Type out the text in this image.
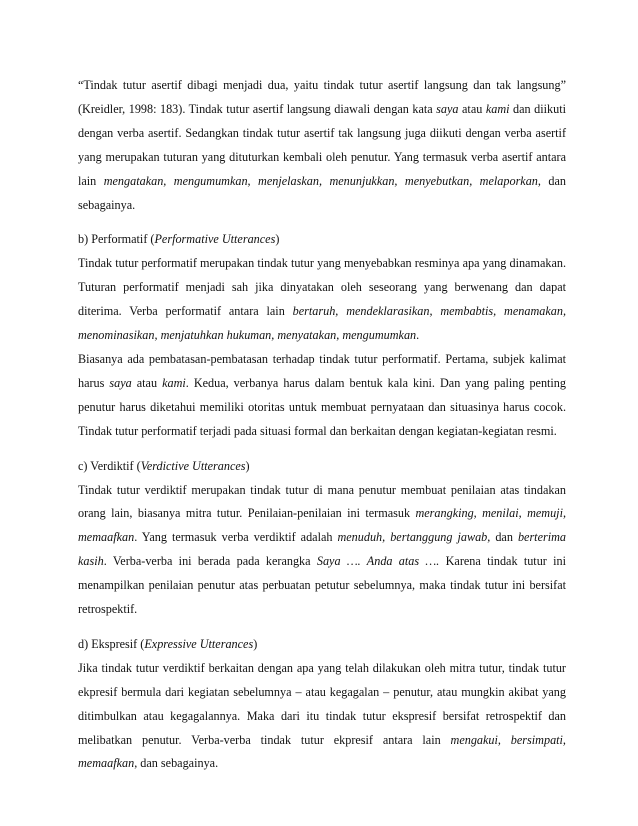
“Tindak tutur asertif dibagi menjadi dua, yaitu tindak tutur asertif langsung dan tak langsung” (Kreidler, 1998: 183). Tindak tutur asertif langsung diawali dengan kata saya atau kami dan diikuti dengan verba asertif. Sedangkan tindak tutur asertif tak langsung juga diikuti dengan verba asertif yang merupakan tuturan yang dituturkan kembali oleh penutur. Yang termasuk verba asertif antara lain mengatakan, mengumumkan, menjelaskan, menunjukkan, menyebutkan, melaporkan, dan sebagainya.

b) Performatif (Performative Utterances)

Tindak tutur performatif merupakan tindak tutur yang menyebabkan resminya apa yang dinamakan. Tuturan performatif menjadi sah jika dinyatakan oleh seseorang yang berwenang dan dapat diterima. Verba performatif antara lain bertaruh, mendeklarasikan, membabtis, menamakan, menominasikan, menjatuhkan hukuman, menyatakan, mengumumkan.

Biasanya ada pembatasan-pembatasan terhadap tindak tutur performatif. Pertama, subjek kalimat harus saya atau kami. Kedua, verbanya harus dalam bentuk kala kini. Dan yang paling penting penutur harus diketahui memiliki otoritas untuk membuat pernyataan dan situasinya harus cocok. Tindak tutur performatif terjadi pada situasi formal dan berkaitan dengan kegiatan-kegiatan resmi.

c) Verdiktif (Verdictive Utterances)

Tindak tutur verdiktif merupakan tindak tutur di mana penutur membuat penilaian atas tindakan orang lain, biasanya mitra tutur. Penilaian-penilaian ini termasuk merangking, menilai, memuji, memaafkan. Yang termasuk verba verdiktif adalah menuduh, bertanggung jawab, dan berterima kasih. Verba-verba ini berada pada kerangka Saya …. Anda atas …. Karena tindak tutur ini menampilkan penilaian penutur atas perbuatan petutur sebelumnya, maka tindak tutur ini bersifat retrospektif.

d) Ekspresif (Expressive Utterances)

Jika tindak tutur verdiktif berkaitan dengan apa yang telah dilakukan oleh mitra tutur, tindak tutur ekpresif bermula dari kegiatan sebelumnya – atau kegagalan – penutur, atau mungkin akibat yang ditimbulkan atau kegagalannya. Maka dari itu tindak tutur ekspresif bersifat retrospektif dan melibatkan penutur. Verba-verba tindak tutur ekpresif antara lain mengakui, bersimpati, memaafkan, dan sebagainya.
